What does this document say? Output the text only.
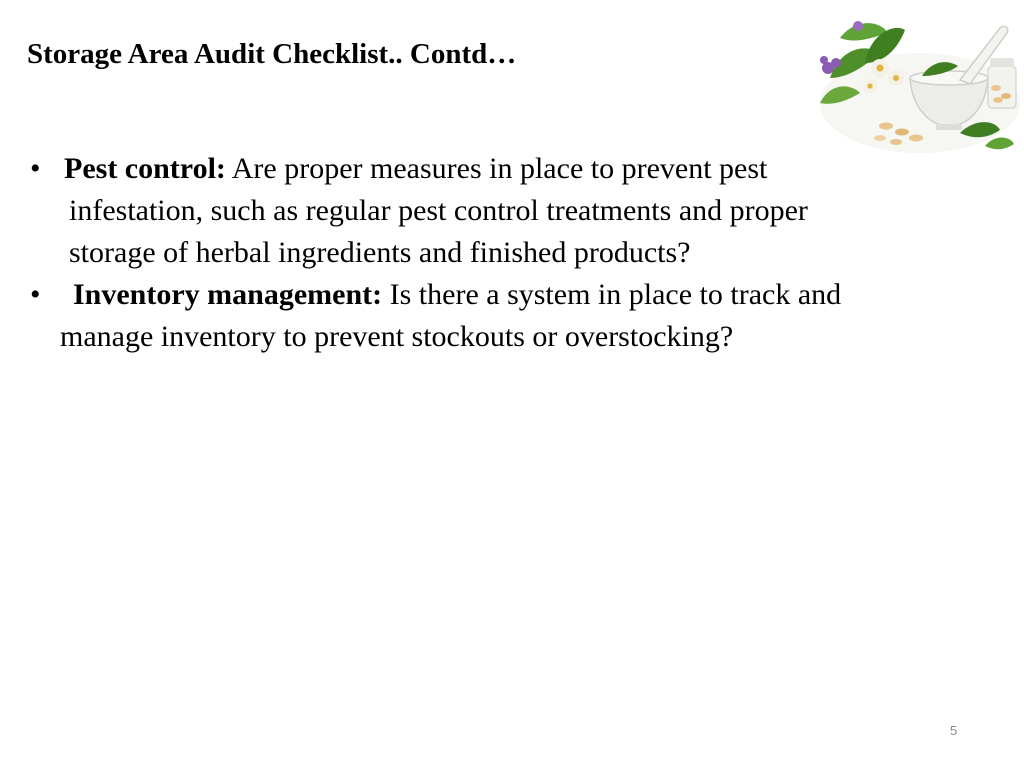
Storage Area Audit Checklist.. Contd…
• Pest control: Are proper measures in place to prevent pest
infestation, such as regular pest control treatments and proper
storage of herbal ingredients and finished products?
•	Inventory management: Is there a system in place to track and
manage inventory to prevent stockouts or overstocking?
5
